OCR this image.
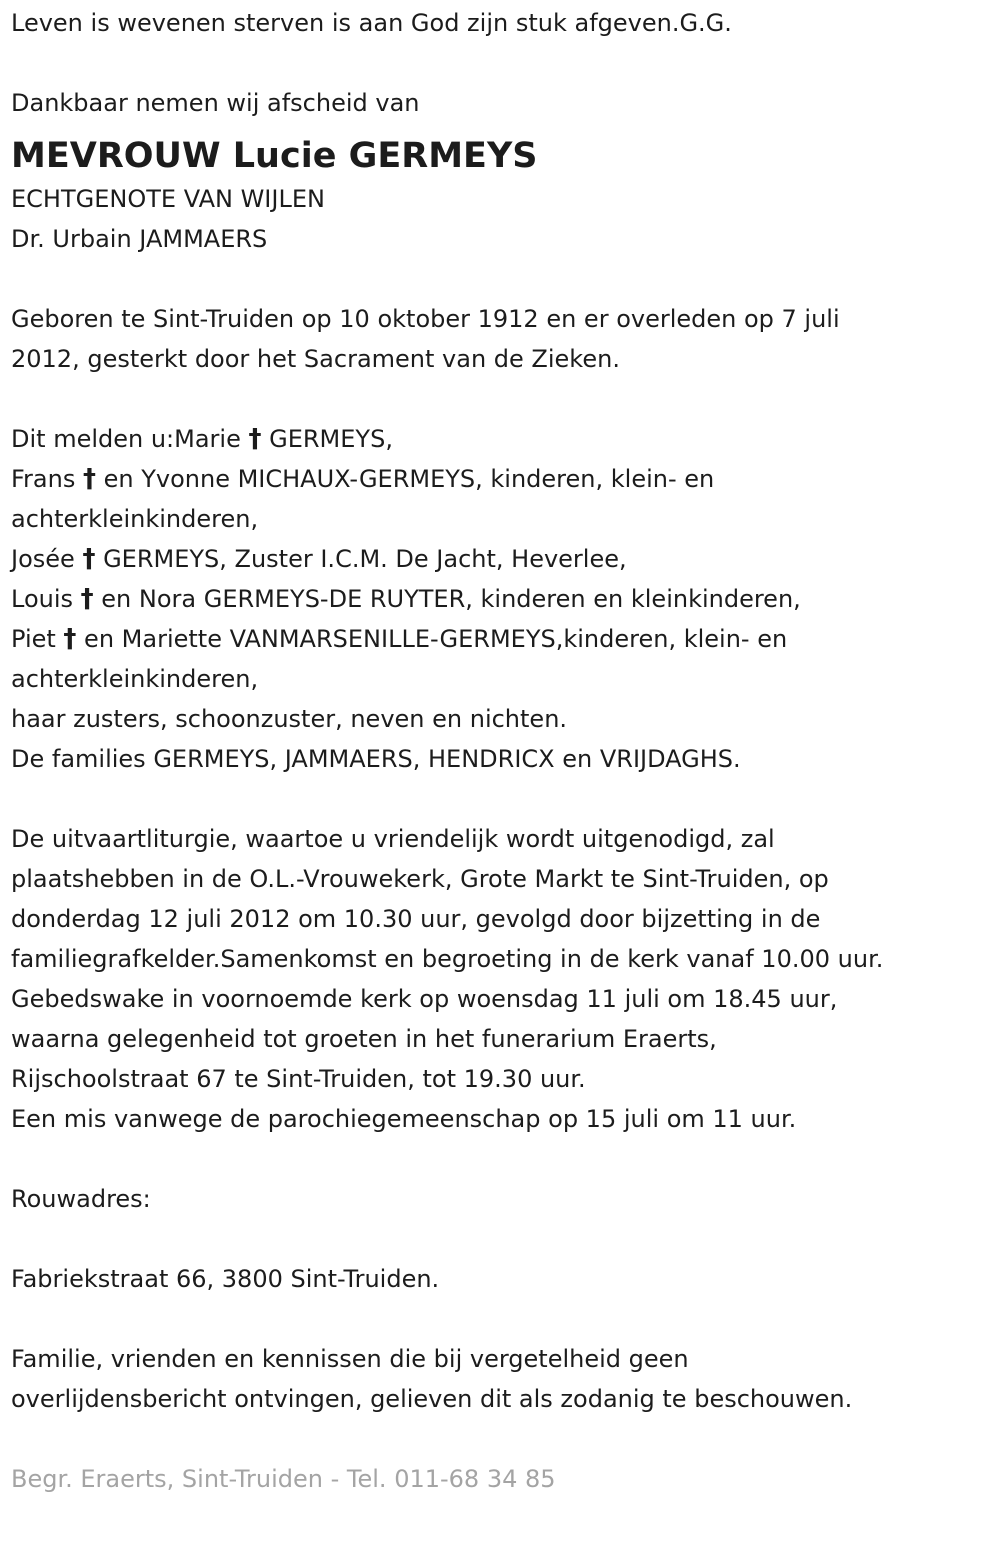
Leven is wevenen sterven is aan God zijn stuk afgeven.G.G.
Dankbaar nemen wij afscheid van
MEVROUW Lucie GERMEYS
ECHTGENOTE VAN WIJLEN
Dr. Urbain JAMMAERS
Geboren te Sint-Truiden op 10 oktober 1912 en er overleden op 7 juli
2012, gesterkt door het Sacrament van de Zieken.
Dit melden u:Marie † GERMEYS,
Frans † en Yvonne MICHAUX-GERMEYS, kinderen, klein- en
achterkleinkinderen,
Josée † GERMEYS, Zuster I.C.M. De Jacht, Heverlee,
Louis † en Nora GERMEYS-DE RUYTER, kinderen en kleinkinderen,
Piet † en Mariette VANMARSENILLE-GERMEYS,kinderen, klein- en
achterkleinkinderen,
haar zusters, schoonzuster, neven en nichten.
De families GERMEYS, JAMMAERS, HENDRICX en VRIJDAGHS.
De uitvaartliturgie, waartoe u vriendelijk wordt uitgenodigd, zal
plaatshebben in de O.L.-Vrouwekerk, Grote Markt te Sint-Truiden, op
donderdag 12 juli 2012 om 10.30 uur, gevolgd door bijzetting in de
familiegrafkelder.Samenkomst en begroeting in de kerk vanaf 10.00 uur.
Gebedswake in voornoemde kerk op woensdag 11 juli om 18.45 uur,
waarna gelegenheid tot groeten in het funerarium Eraerts,
Rijschoolstraat 67 te Sint-Truiden, tot 19.30 uur.
Een mis vanwege de parochiegemeenschap op 15 juli om 11 uur.
Rouwadres:
Fabriekstraat 66, 3800 Sint-Truiden.
Familie, vrienden en kennissen die bij vergetelheid geen
overlijdensbericht ontvingen, gelieven dit als zodanig te beschouwen.
Begr. Eraerts, Sint-Truiden - Tel. 011-68 34 85
